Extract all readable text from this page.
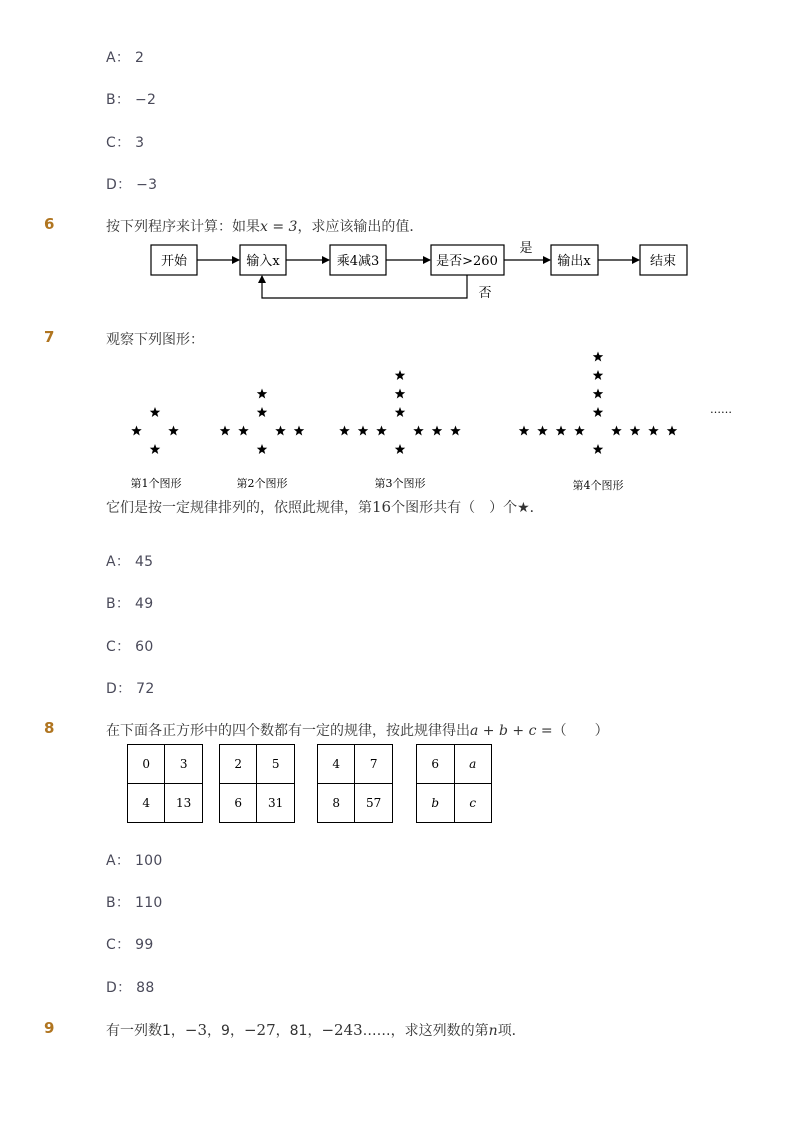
A： 2
B： −2
C： 3
D： −3
6	按下列程序来计算：如果x = 3，求应该输出的值．
开始	输入x	乘4减3	是否>260
是
否
输出x	结束
7	观察下列图形：
……
第1个图形	第2个图形	第3个图形	第4个图形
它们是按一定规律排列的，依照此规律，第16个图形共有（　）个★．
A： 45
B： 49
C： 60
D： 72
8	在下面各正方形中的四个数都有一定的规律，按此规律得出a + b + c =（　　）
0	3
4	13
2	5
6	31
4	7
8	57
6	a
b	c
A： 100
B： 110
C： 99
D： 88
9	有一列数1，−3，9，−27，81，−243……，求这列数的第n项．
